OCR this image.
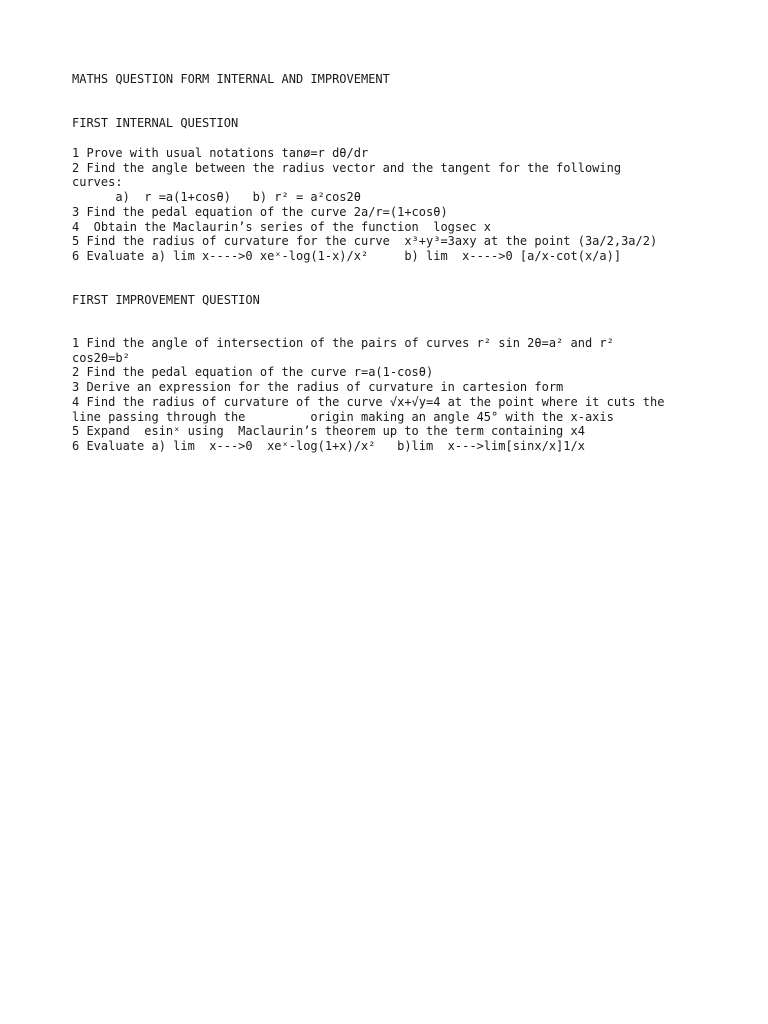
MATHS QUESTION FORM INTERNAL AND IMPROVEMENT

FIRST INTERNAL QUESTION

1 Prove with usual notations tanø=r dθ/dr

2 Find the angle between the radius vector and the tangent for the following

curves:

a)  r =a(1+cosθ)   b) r² = a²cos2θ

3 Find the pedal equation of the curve 2a/r=(1+cosθ)

4  Obtain the Maclaurin’s series of the function  logsec x

5 Find the radius of curvature for the curve  x³+y³=3axy at the point (3a/2,3a/2)

6 Evaluate a) lim x---->0 xeˣ-log(1-x)/x²     b) lim  x---->0 [a/x-cot(x/a)]

FIRST IMPROVEMENT QUESTION

1 Find the angle of intersection of the pairs of curves r² sin 2θ=a² and r²

cos2θ=b²

2 Find the pedal equation of the curve r=a(1-cosθ)

3 Derive an expression for the radius of curvature in cartesion form

4 Find the radius of curvature of the curve √x+√y=4 at the point where it cuts the

line passing through the         origin making an angle 45° with the x-axis

5 Expand  esinˣ using  Maclaurin’s theorem up to the term containing x4

6 Evaluate a) lim  x--->0  xeˣ-log(1+x)/x²   b)lim  x--->lim[sinx/x]1/x
